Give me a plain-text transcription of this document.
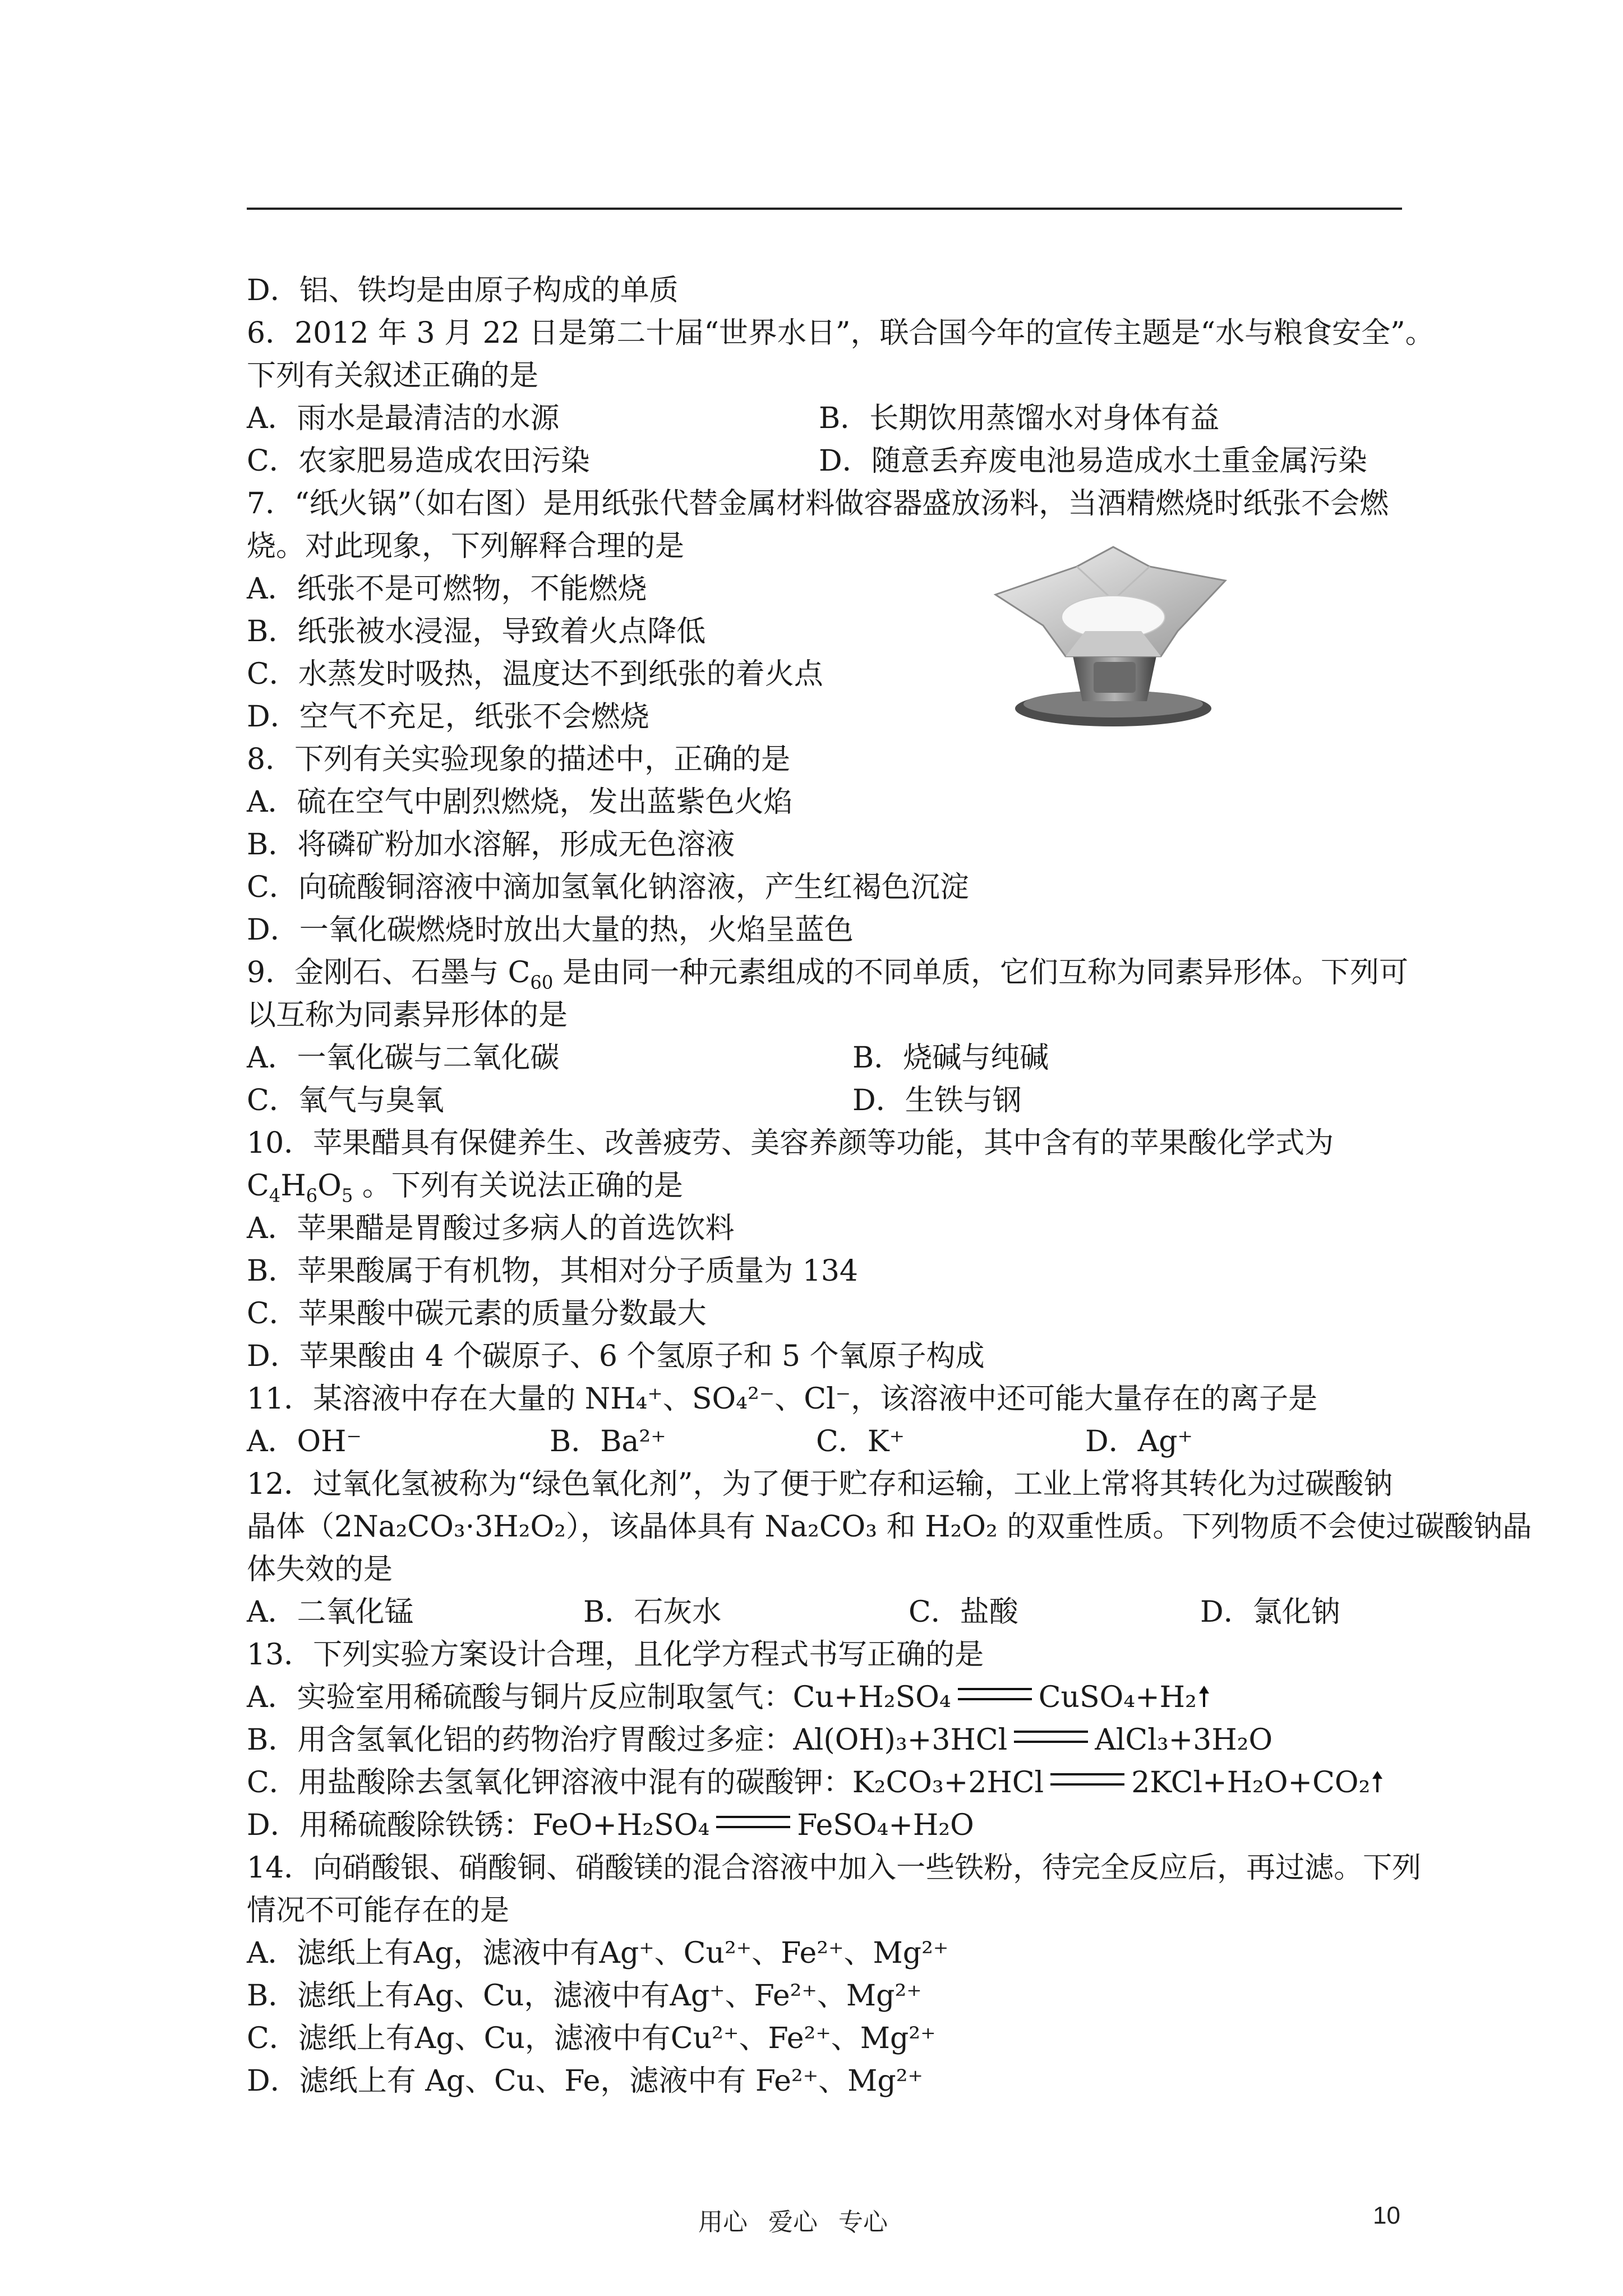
D．铝、铁均是由原子构成的单质
6．2012 年 3 月 22 日是第二十届“世界水日”，联合国今年的宣传主题是“水与粮食安全”。
下列有关叙述正确的是
A．雨水是最清洁的水源	B．长期饮用蒸馏水对身体有益
C．农家肥易造成农田污染	D．随意丢弃废电池易造成水土重金属污染
7．“纸火锅”（如右图）是用纸张代替金属材料做容器盛放汤料，当酒精燃烧时纸张不会燃
烧。对此现象，下列解释合理的是
A．纸张不是可燃物，不能燃烧
B．纸张被水浸湿，导致着火点降低
C．水蒸发时吸热，温度达不到纸张的着火点
D．空气不充足，纸张不会燃烧
8．下列有关实验现象的描述中，正确的是
A．硫在空气中剧烈燃烧，发出蓝紫色火焰
B．将磷矿粉加水溶解，形成无色溶液
C．向硫酸铜溶液中滴加氢氧化钠溶液，产生红褐色沉淀
D．一氧化碳燃烧时放出大量的热，火焰呈蓝色
9．金刚石、石墨与 $C_{60}$ 是由同一种元素组成的不同单质，它们互称为同素异形体。下列可
以互称为同素异形体的是
A．一氧化碳与二氧化碳	B．烧碱与纯碱
C．氧气与臭氧	D．生铁与钢
10．苹果醋具有保健养生、改善疲劳、美容养颜等功能，其中含有的苹果酸化学式为
$C_4H_6O_5$ 。下列有关说法正确的是
A．苹果醋是胃酸过多病人的首选饮料
B．苹果酸属于有机物，其相对分子质量为 134
C．苹果酸中碳元素的质量分数最大
D．苹果酸由 4 个碳原子、6 个氢原子和 5 个氧原子构成
11．某溶液中存在大量的 NH₄⁺、SO₄²⁻、Cl⁻，该溶液中还可能大量存在的离子是
A．OH⁻	B．Ba²⁺	C．K⁺	D．Ag⁺
12．过氧化氢被称为“绿色氧化剂”，为了便于贮存和运输，工业上常将其转化为过碳酸钠
晶体（2Na₂CO₃·3H₂O₂），该晶体具有 Na₂CO₃ 和 H₂O₂ 的双重性质。下列物质不会使过碳酸钠晶
体失效的是
A．二氧化锰	B．石灰水	C．盐酸	D．氯化钠
13．下列实验方案设计合理，且化学方程式书写正确的是
A．实验室用稀硫酸与铜片反应制取氢气：Cu+H₂SO₄	CuSO₄+H₂
B．用含氢氧化铝的药物治疗胃酸过多症：Al(OH)₃+3HCl	AlCl₃+3H₂O
C．用盐酸除去氢氧化钾溶液中混有的碳酸钾：K₂CO₃+2HCl	2KCl+H₂O+CO₂
D．用稀硫酸除铁锈：FeO+H₂SO₄	FeSO₄+H₂O
14．向硝酸银、硝酸铜、硝酸镁的混合溶液中加入一些铁粉，待完全反应后，再过滤。下列
情况不可能存在的是
A．滤纸上有Ag，滤液中有Ag⁺、Cu²⁺、Fe²⁺、Mg²⁺
B．滤纸上有Ag、Cu，滤液中有Ag⁺、Fe²⁺、Mg²⁺
C．滤纸上有Ag、Cu，滤液中有Cu²⁺、Fe²⁺、Mg²⁺
D．滤纸上有 Ag、Cu、Fe，滤液中有 Fe²⁺、Mg²⁺
用心 爱心 专心	10
